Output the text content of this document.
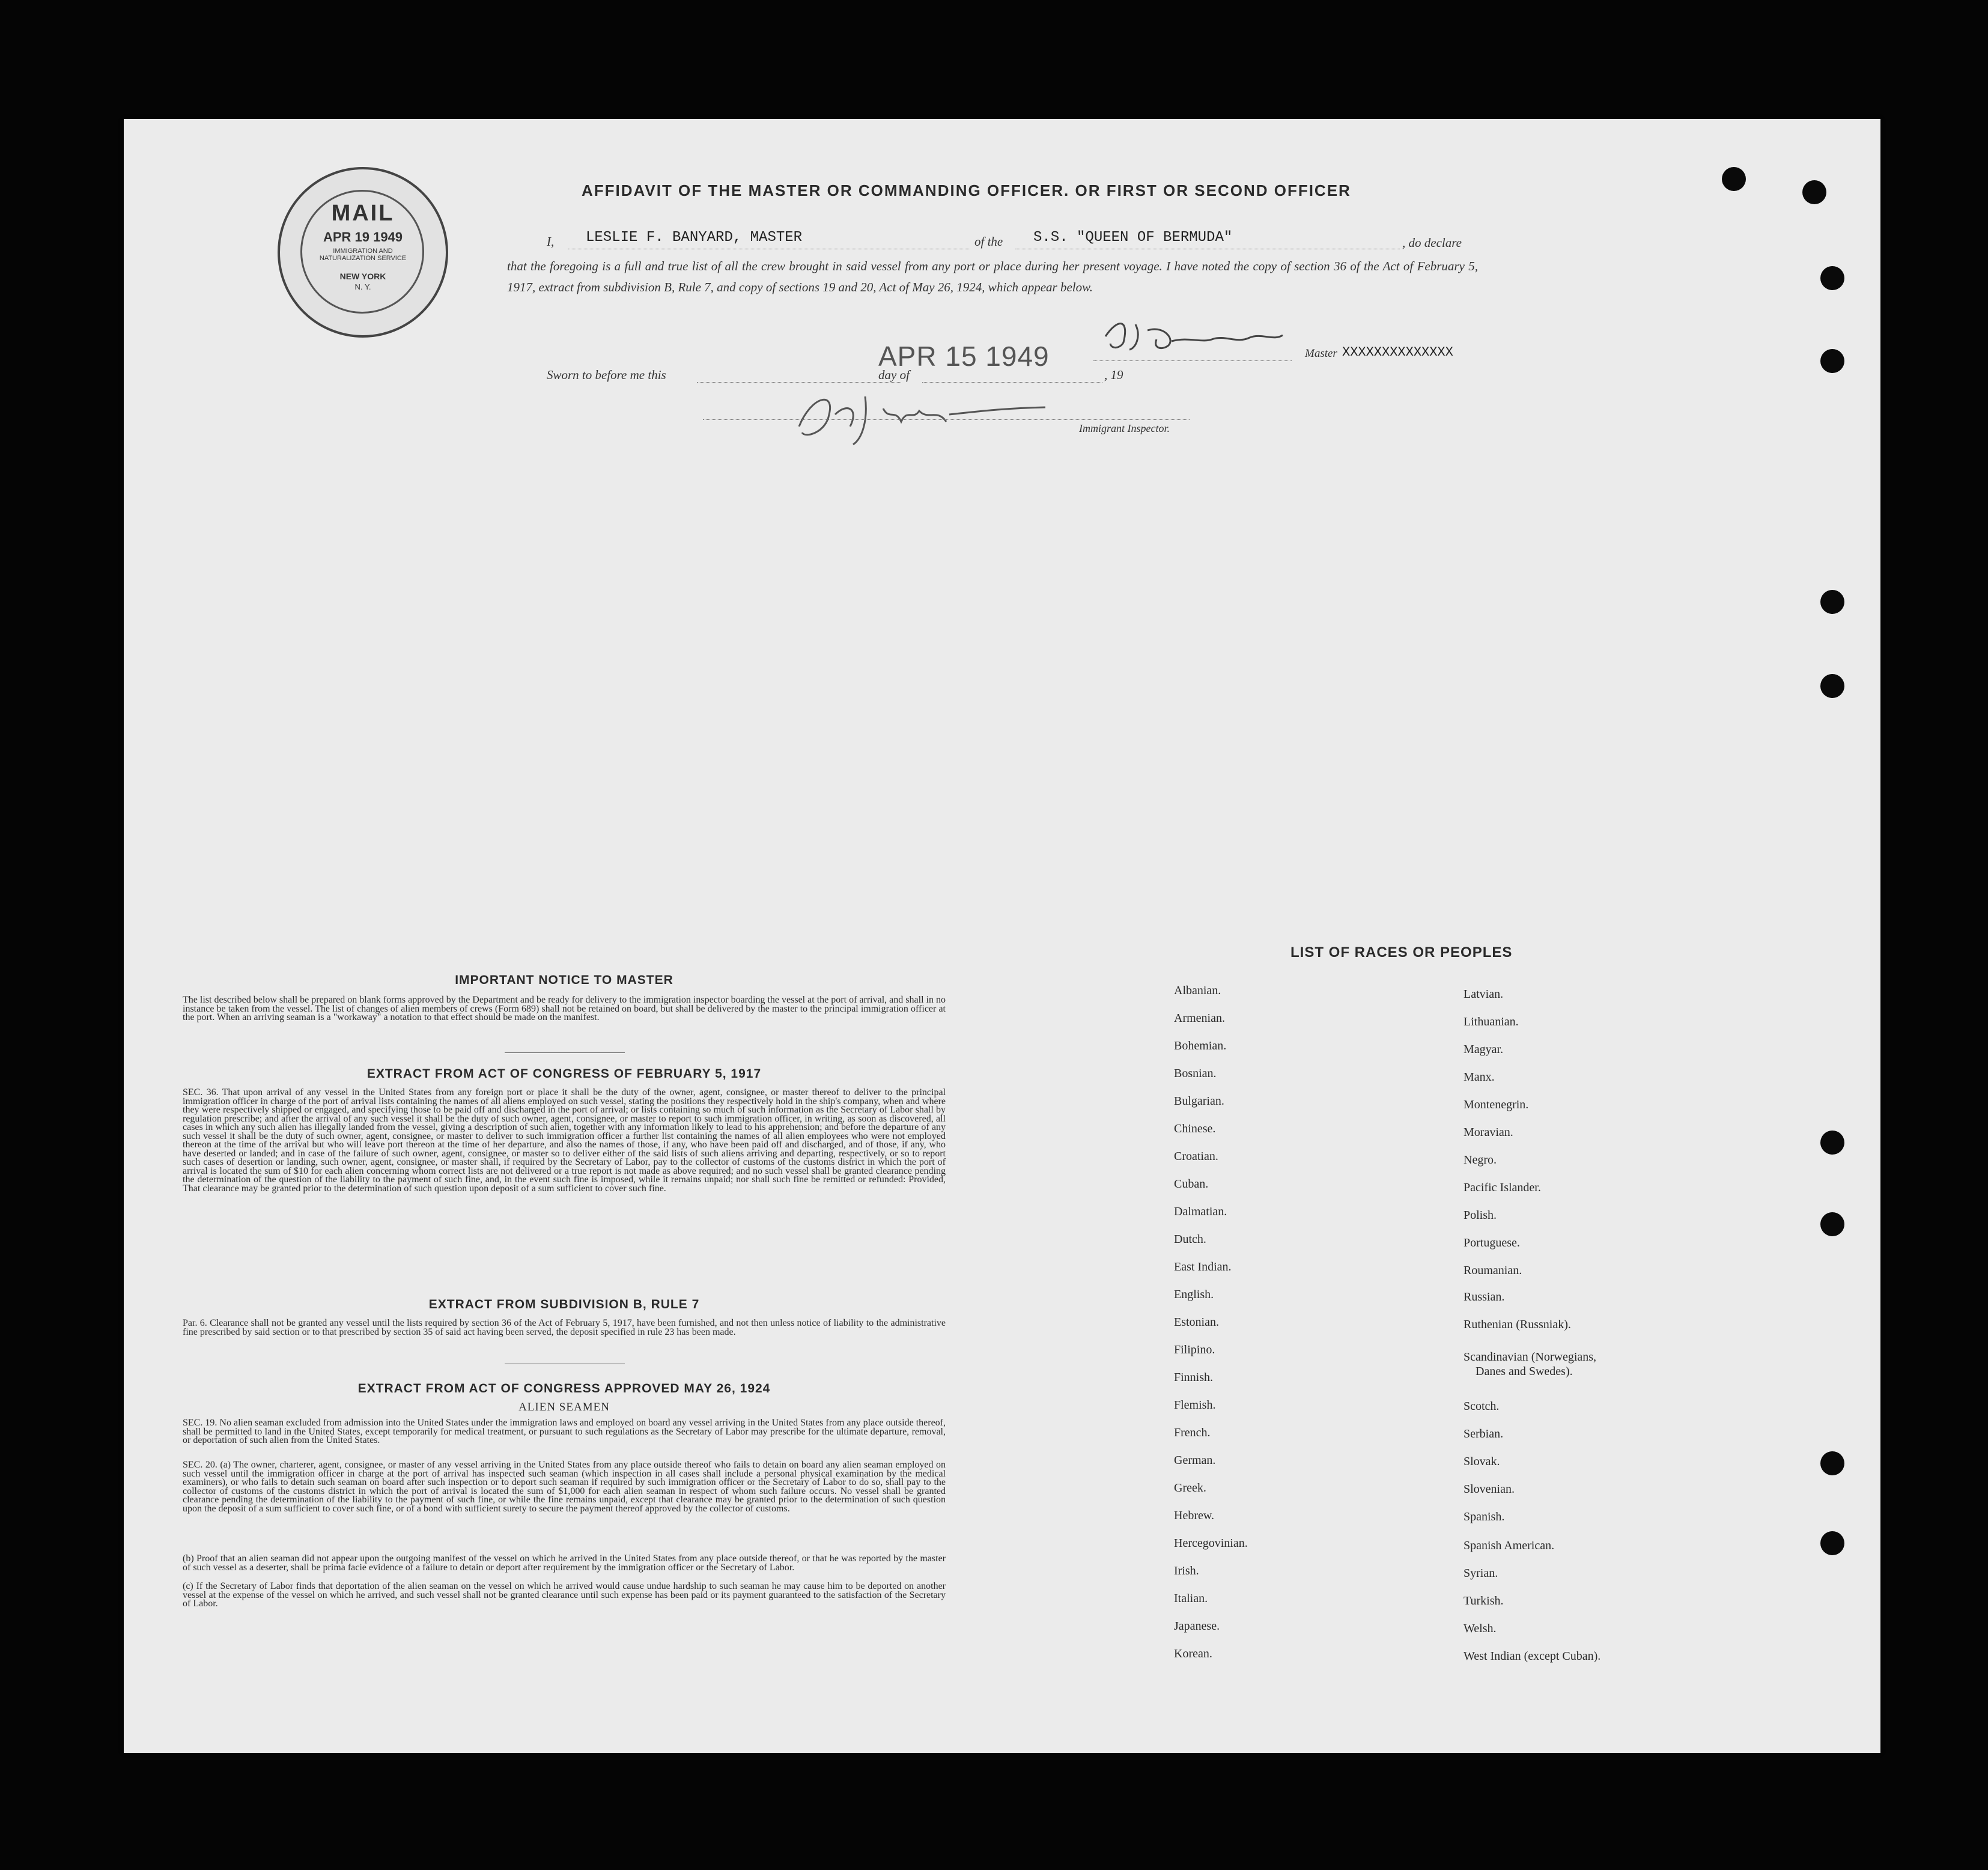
MAIL
APR 19 1949
IMMIGRATION AND NATURALIZATION SERVICE
NEW YORK
N. Y.
AFFIDAVIT OF THE MASTER OR COMMANDING OFFICER. OR FIRST OR SECOND OFFICER
I, LESLIE F. BANYARD, MASTER	of the S.S. "QUEEN OF BERMUDA"	, do declare
that the foregoing is a full and true list of all the crew brought in said vessel from any port or place during her present voyage. I have noted the copy of section 36 of the Act of February 5, 1917, extract from subdivision B, Rule 7, and copy of sections 19 and 20, Act of May 26, 1924, which appear below.
Master XXXXXXXXXXXXXX
Sworn to before me this
APR 15 1949
day of	, 19
Immigrant Inspector.
IMPORTANT NOTICE TO MASTER
The list described below shall be prepared on blank forms approved by the Department and be ready for delivery to the immigration inspector boarding the vessel at the port of arrival, and shall in no instance be taken from the vessel. The list of changes of alien members of crews (Form 689) shall not be retained on board, but shall be delivered by the master to the principal immigration officer at the port. When an arriving seaman is a "workaway" a notation to that effect should be made on the manifest.
EXTRACT FROM ACT OF CONGRESS OF FEBRUARY 5, 1917
SEC. 36. That upon arrival of any vessel in the United States from any foreign port or place it shall be the duty of the owner, agent, consignee, or master thereof to deliver to the principal immigration officer in charge of the port of arrival lists containing the names of all aliens employed on such vessel, stating the positions they respectively hold in the ship's company, when and where they were respectively shipped or engaged, and specifying those to be paid off and discharged in the port of arrival; or lists containing so much of such information as the Secretary of Labor shall by regulation prescribe; and after the arrival of any such vessel it shall be the duty of such owner, agent, consignee, or master to report to such immigration officer, in writing, as soon as discovered, all cases in which any such alien has illegally landed from the vessel, giving a description of such alien, together with any information likely to lead to his apprehension; and before the departure of any such vessel it shall be the duty of such owner, agent, consignee, or master to deliver to such immigration officer a further list containing the names of all alien employees who were not employed thereon at the time of the arrival but who will leave port thereon at the time of her departure, and also the names of those, if any, who have been paid off and discharged, and of those, if any, who have deserted or landed; and in case of the failure of such owner, agent, consignee, or master so to deliver either of the said lists of such aliens arriving and departing, respectively, or so to report such cases of desertion or landing, such owner, agent, consignee, or master shall, if required by the Secretary of Labor, pay to the collector of customs of the customs district in which the port of arrival is located the sum of $10 for each alien concerning whom correct lists are not delivered or a true report is not made as above required; and no such vessel shall be granted clearance pending the determination of the question of the liability to the payment of such fine, and, in the event such fine is imposed, while it remains unpaid; nor shall such fine be remitted or refunded: Provided, That clearance may be granted prior to the determination of such question upon deposit of a sum sufficient to cover such fine.
EXTRACT FROM SUBDIVISION B, RULE 7
Par. 6. Clearance shall not be granted any vessel until the lists required by section 36 of the Act of February 5, 1917, have been furnished, and not then unless notice of liability to the administrative fine prescribed by said section or to that prescribed by section 35 of said act having been served, the deposit specified in rule 23 has been made.
EXTRACT FROM ACT OF CONGRESS APPROVED MAY 26, 1924
ALIEN SEAMEN
SEC. 19. No alien seaman excluded from admission into the United States under the immigration laws and employed on board any vessel arriving in the United States from any place outside thereof, shall be permitted to land in the United States, except temporarily for medical treatment, or pursuant to such regulations as the Secretary of Labor may prescribe for the ultimate departure, removal, or deportation of such alien from the United States.
SEC. 20. (a) The owner, charterer, agent, consignee, or master of any vessel arriving in the United States from any place outside thereof who fails to detain on board any alien seaman employed on such vessel until the immigration officer in charge at the port of arrival has inspected such seaman (which inspection in all cases shall include a personal physical examination by the medical examiners), or who fails to detain such seaman on board after such inspection or to deport such seaman if required by such immigration officer or the Secretary of Labor to do so, shall pay to the collector of customs of the customs district in which the port of arrival is located the sum of $1,000 for each alien seaman in respect of whom such failure occurs. No vessel shall be granted clearance pending the determination of the liability to the payment of such fine, or while the fine remains unpaid, except that clearance may be granted prior to the determination of such question upon the deposit of a sum sufficient to cover such fine, or of a bond with sufficient surety to secure the payment thereof approved by the collector of customs.
(b) Proof that an alien seaman did not appear upon the outgoing manifest of the vessel on which he arrived in the United States from any place outside thereof, or that he was reported by the master of such vessel as a deserter, shall be prima facie evidence of a failure to detain or deport after requirement by the immigration officer or the Secretary of Labor.
(c) If the Secretary of Labor finds that deportation of the alien seaman on the vessel on which he arrived would cause undue hardship to such seaman he may cause him to be deported on another vessel at the expense of the vessel on which he arrived, and such vessel shall not be granted clearance until such expense has been paid or its payment guaranteed to the satisfaction of the Secretary of Labor.
LIST OF RACES OR PEOPLES
Albanian.
Armenian.
Bohemian.
Bosnian.
Bulgarian.
Chinese.
Croatian.
Cuban.
Dalmatian.
Dutch.
East Indian.
English.
Estonian.
Filipino.
Finnish.
Flemish.
French.
German.
Greek.
Hebrew.
Hercegovinian.
Irish.
Italian.
Japanese.
Korean.
Latvian.
Lithuanian.
Magyar.
Manx.
Montenegrin.
Moravian.
Negro.
Pacific Islander.
Polish.
Portuguese.
Roumanian.
Russian.
Ruthenian (Russniak).
Scandinavian (Norwegians,
Danes and Swedes).
Scotch.
Serbian.
Slovak.
Slovenian.
Spanish.
Spanish American.
Syrian.
Turkish.
Welsh.
West Indian (except Cuban).
